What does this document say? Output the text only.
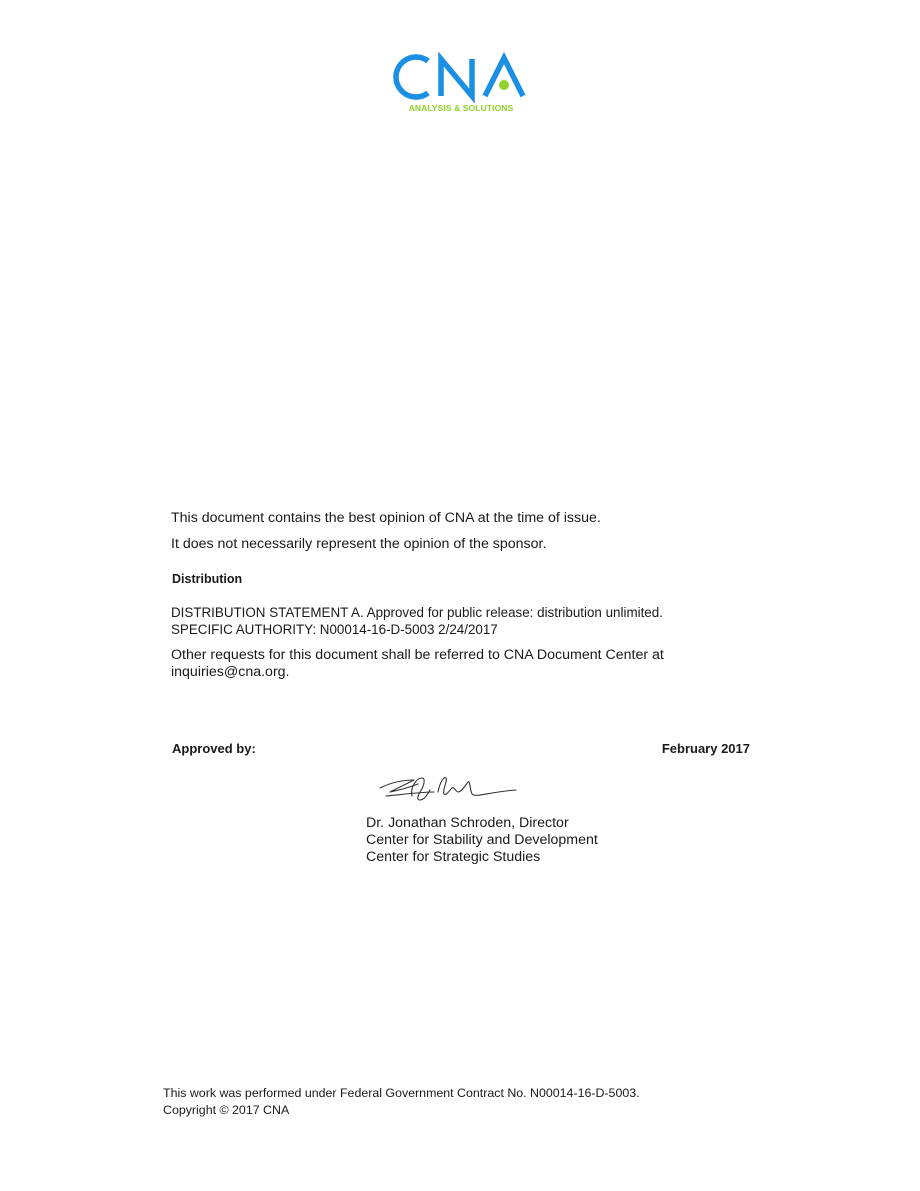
ANALYSIS & SOLUTIONS
This document contains the best opinion of CNA at the time of issue.
It does not necessarily represent the opinion of the sponsor.
Distribution
DISTRIBUTION STATEMENT A. Approved for public release: distribution unlimited.
SPECIFIC AUTHORITY: N00014-16-D-5003 2/24/2017
Other requests for this document shall be referred to CNA Document Center at
inquiries@cna.org.
Approved by:	February 2017
Dr. Jonathan Schroden, Director
Center for Stability and Development
Center for Strategic Studies
This work was performed under Federal Government Contract No. N00014-16-D-5003.
Copyright © 2017 CNA
